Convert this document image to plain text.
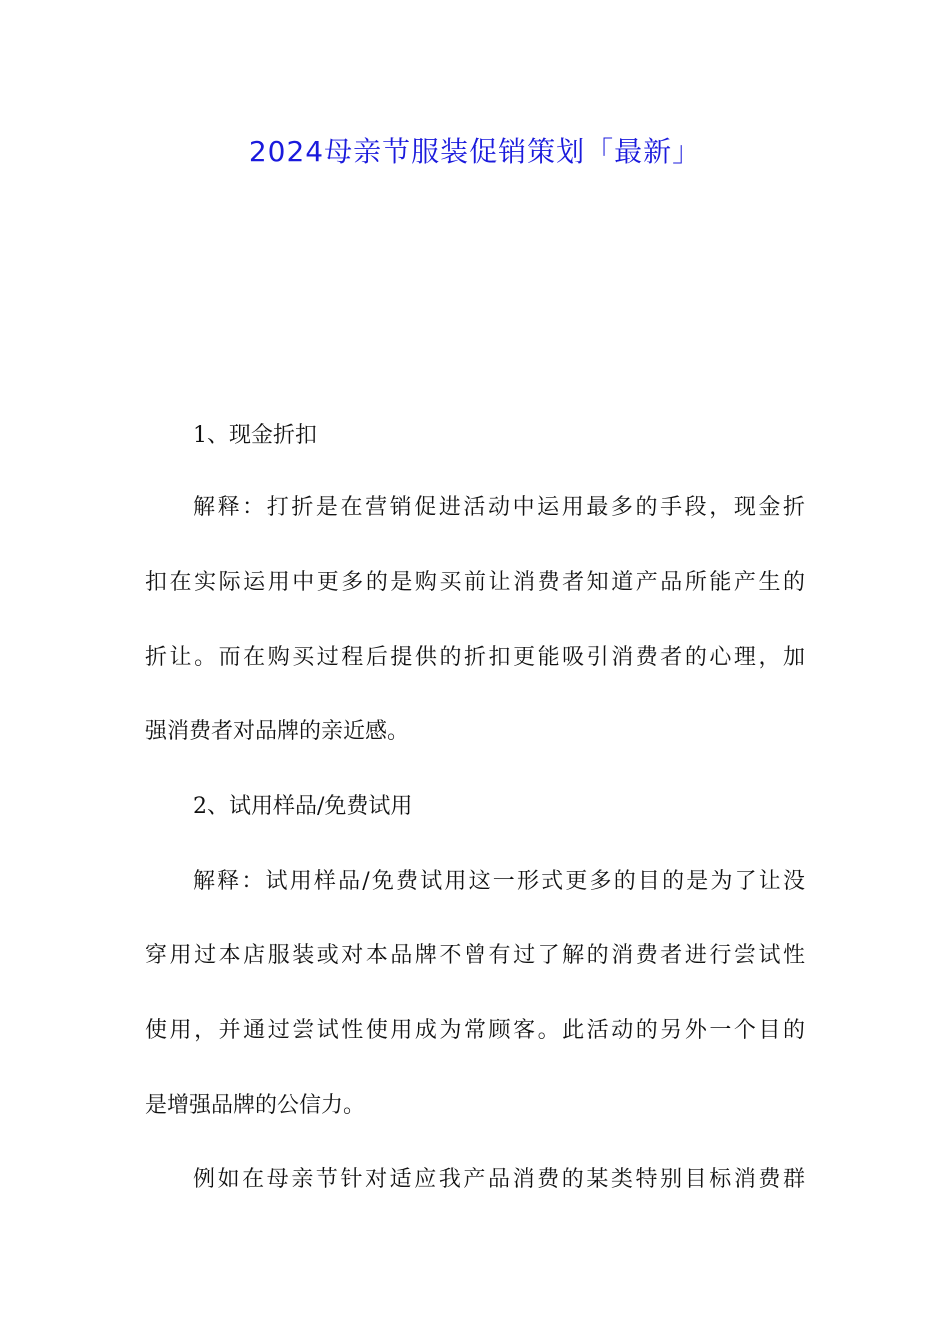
2024母亲节服装促销策划「最新」
1、现金折扣
解释：打折是在营销促进活动中运用最多的手段，现金折
扣在实际运用中更多的是购买前让消费者知道产品所能产生的
折让。而在购买过程后提供的折扣更能吸引消费者的心理，加
强消费者对品牌的亲近感。
2、试用样品/免费试用
解释：试用样品/免费试用这一形式更多的目的是为了让没
穿用过本店服装或对本品牌不曾有过了解的消费者进行尝试性
使用，并通过尝试性使用成为常顾客。此活动的另外一个目的
是增强品牌的公信力。
例如在母亲节针对适应我产品消费的某类特别目标消费群
